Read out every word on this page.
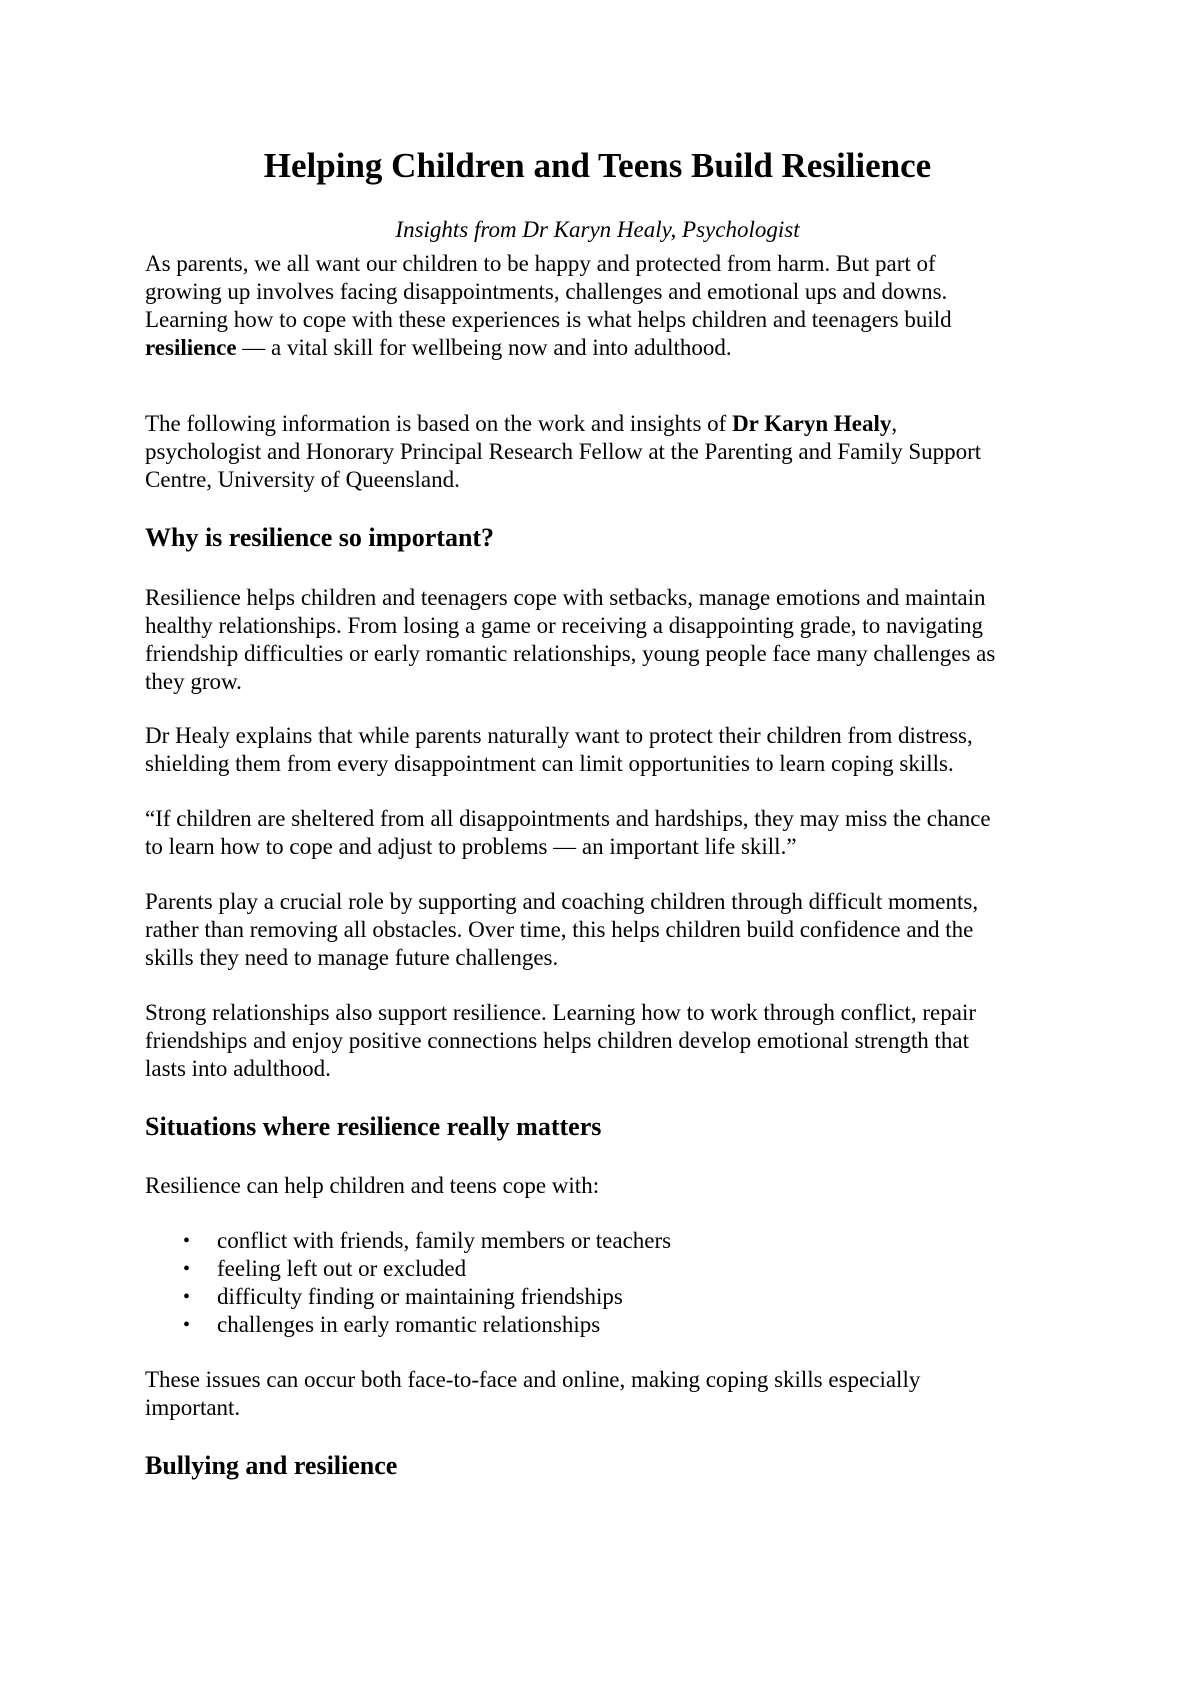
Helping Children and Teens Build Resilience

Insights from Dr Karyn Healy, Psychologist

As parents, we all want our children to be happy and protected from harm. But part of
growing up involves facing disappointments, challenges and emotional ups and downs.
Learning how to cope with these experiences is what helps children and teenagers build
resilience — a vital skill for wellbeing now and into adulthood.

The following information is based on the work and insights of Dr Karyn Healy,
psychologist and Honorary Principal Research Fellow at the Parenting and Family Support
Centre, University of Queensland.

Why is resilience so important?

Resilience helps children and teenagers cope with setbacks, manage emotions and maintain
healthy relationships. From losing a game or receiving a disappointing grade, to navigating
friendship difficulties or early romantic relationships, young people face many challenges as
they grow.

Dr Healy explains that while parents naturally want to protect their children from distress,
shielding them from every disappointment can limit opportunities to learn coping skills.

“If children are sheltered from all disappointments and hardships, they may miss the chance
to learn how to cope and adjust to problems — an important life skill.”

Parents play a crucial role by supporting and coaching children through difficult moments,
rather than removing all obstacles. Over time, this helps children build confidence and the
skills they need to manage future challenges.

Strong relationships also support resilience. Learning how to work through conflict, repair
friendships and enjoy positive connections helps children develop emotional strength that
lasts into adulthood.

Situations where resilience really matters

Resilience can help children and teens cope with:

• conflict with friends, family members or teachers
• feeling left out or excluded
• difficulty finding or maintaining friendships
• challenges in early romantic relationships

These issues can occur both face-to-face and online, making coping skills especially
important.

Bullying and resilience
